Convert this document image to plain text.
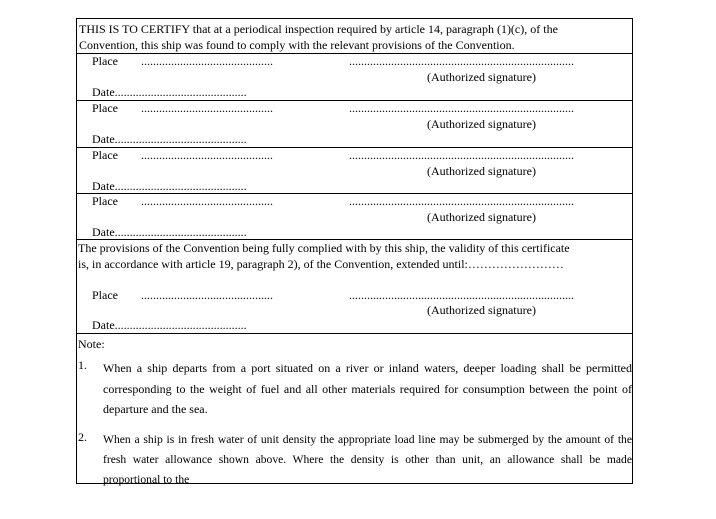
THIS IS TO CERTIFY that at a periodical inspection required by article 14, paragraph (1)(c), of the
Convention, this ship was found to comply with the relevant provisions of the Convention.
Place ............................................	...........................................................................
(Authorized signature)
Date............................................
Place ............................................	...........................................................................
(Authorized signature)
Date............................................
Place ............................................	...........................................................................
(Authorized signature)
Date............................................
Place ............................................	...........................................................................
(Authorized signature)
Date............................................
The provisions of the Convention being fully complied with by this ship, the validity of this certificate
is, in accordance with article 19, paragraph 2), of the Convention, extended until:……………………
Place ............................................	...........................................................................
(Authorized signature)
Date............................................
Note:
1. When a ship departs from a port situated on a river or inland waters, deeper loading shall be permitted corresponding to the weight of fuel and all other materials required for consumption between the point of departure and the sea.
2. When a ship is in fresh water of unit density the appropriate load line may be submerged by the amount of the fresh water allowance shown above. Where the density is other than unit, an allowance shall be made proportional to the
